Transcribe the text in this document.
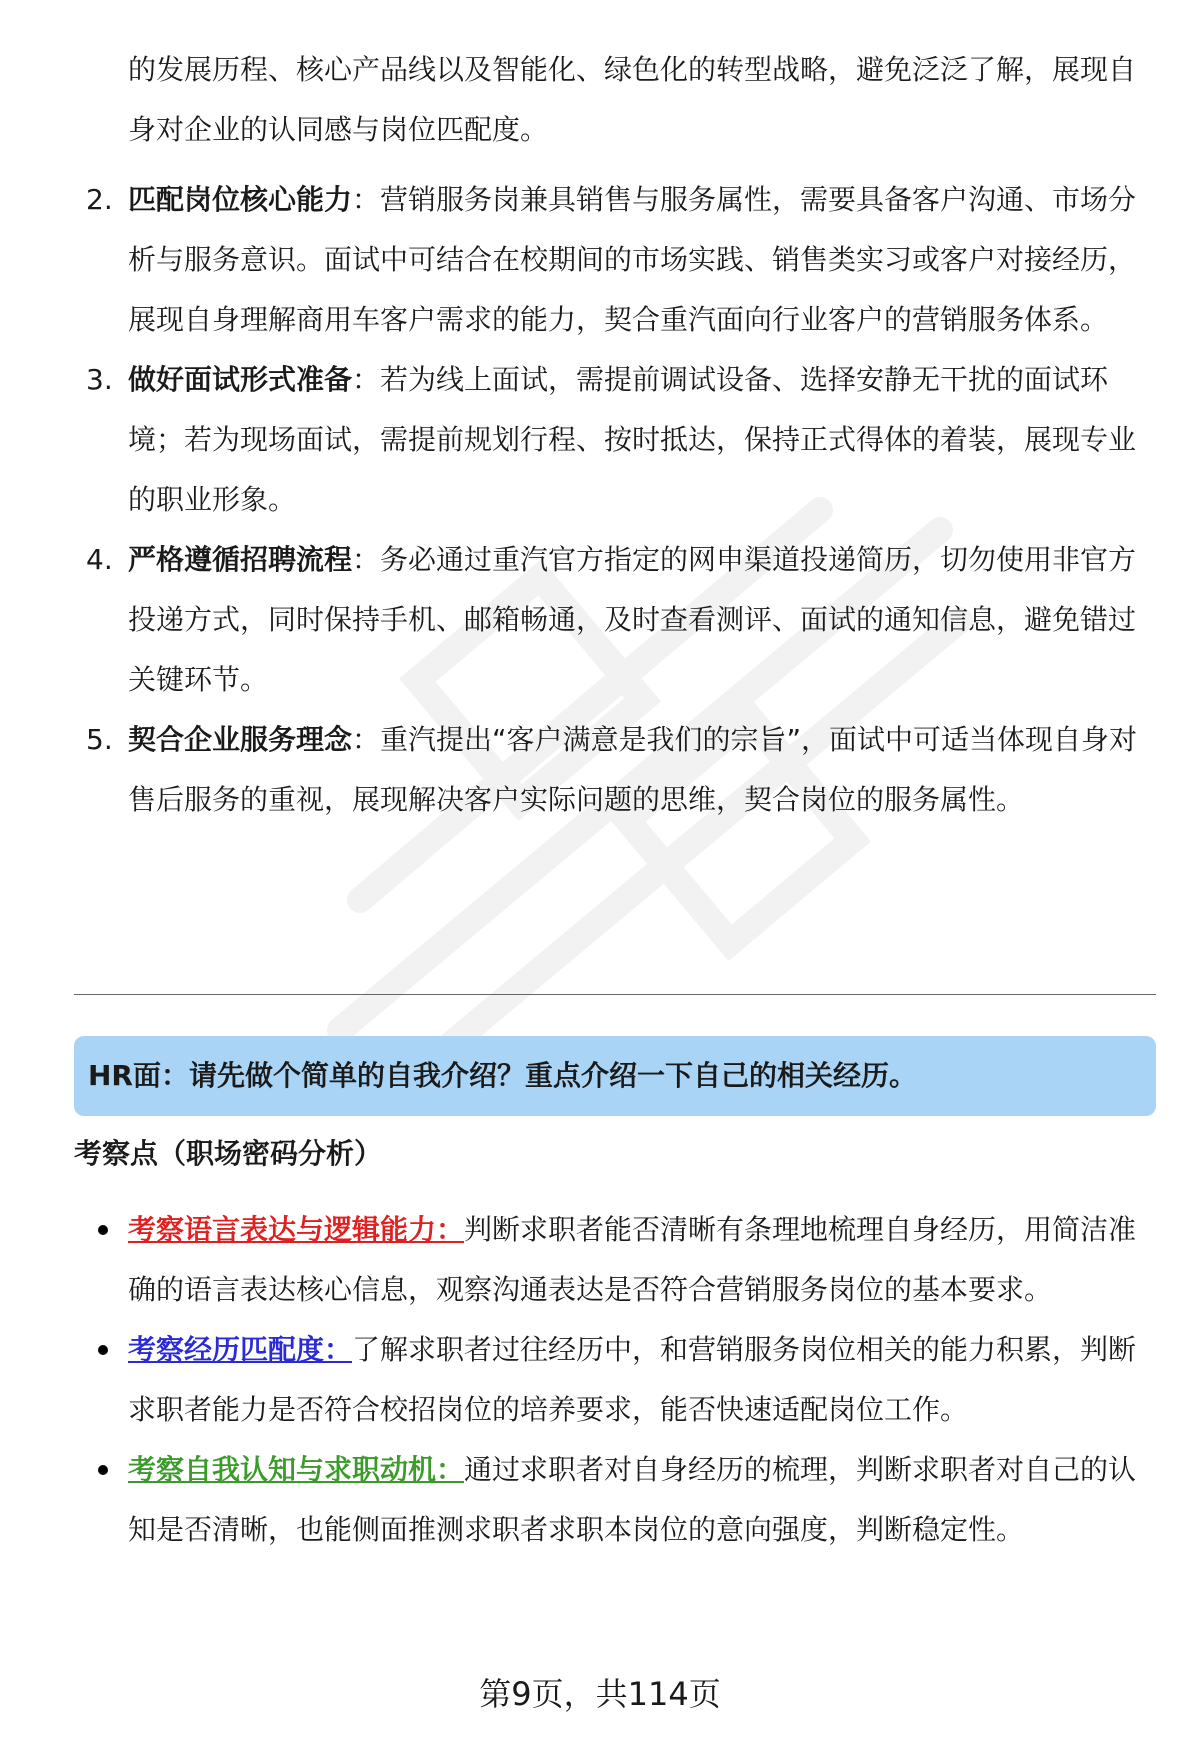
的发展历程、核心产品线以及智能化、绿色化的转型战略，避免泛泛了解，展现自身对企业的认同感与岗位匹配度。
2. 匹配岗位核心能力：营销服务岗兼具销售与服务属性，需要具备客户沟通、市场分析与服务意识。面试中可结合在校期间的市场实践、销售类实习或客户对接经历，展现自身理解商用车客户需求的能力，契合重汽面向行业客户的营销服务体系。
3. 做好面试形式准备：若为线上面试，需提前调试设备、选择安静无干扰的面试环境；若为现场面试，需提前规划行程、按时抵达，保持正式得体的着装，展现专业的职业形象。
4. 严格遵循招聘流程：务必通过重汽官方指定的网申渠道投递简历，切勿使用非官方投递方式，同时保持手机、邮箱畅通，及时查看测评、面试的通知信息，避免错过关键环节。
5. 契合企业服务理念：重汽提出“客户满意是我们的宗旨”，面试中可适当体现自身对售后服务的重视，展现解决客户实际问题的思维，契合岗位的服务属性。
HR面：请先做个简单的自我介绍？重点介绍一下自己的相关经历。
考察点（职场密码分析）
考察语言表达与逻辑能力：判断求职者能否清晰有条理地梳理自身经历，用简洁准确的语言表达核心信息，观察沟通表达是否符合营销服务岗位的基本要求。
考察经历匹配度：了解求职者过往经历中，和营销服务岗位相关的能力积累，判断求职者能力是否符合校招岗位的培养要求，能否快速适配岗位工作。
考察自我认知与求职动机：通过求职者对自身经历的梳理，判断求职者对自己的认知是否清晰，也能侧面推测求职者求职本岗位的意向强度，判断稳定性。
第9页，共114页
